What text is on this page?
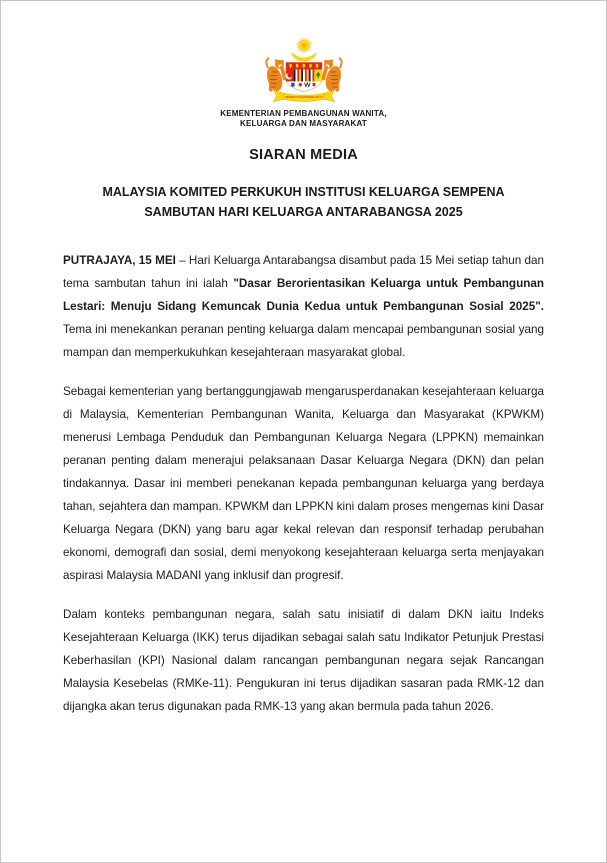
BERSEKUTU BERTAMBAH MUTU
KEMENTERIAN PEMBANGUNAN WANITA,
KELUARGA DAN MASYARAKAT
SIARAN MEDIA
MALAYSIA KOMITED PERKUKUH INSTITUSI KELUARGA SEMPENA
SAMBUTAN HARI KELUARGA ANTARABANGSA 2025

PUTRAJAYA, 15 MEI – Hari Keluarga Antarabangsa disambut pada 15 Mei setiap tahun dan tema sambutan tahun ini ialah "Dasar Berorientasikan Keluarga untuk Pembangunan Lestari: Menuju Sidang Kemuncak Dunia Kedua untuk Pembangunan Sosial 2025". Tema ini menekankan peranan penting keluarga dalam mencapai pembangunan sosial yang mampan dan memperkukuhkan kesejahteraan masyarakat global.

Sebagai kementerian yang bertanggungjawab mengarusperdanakan kesejahteraan keluarga di Malaysia, Kementerian Pembangunan Wanita, Keluarga dan Masyarakat (KPWKM) menerusi Lembaga Penduduk dan Pembangunan Keluarga Negara (LPPKN) memainkan peranan penting dalam menerajui pelaksanaan Dasar Keluarga Negara (DKN) dan pelan tindakannya. Dasar ini memberi penekanan kepada pembangunan keluarga yang berdaya tahan, sejahtera dan mampan. KPWKM dan LPPKN kini dalam proses mengemas kini Dasar Keluarga Negara (DKN) yang baru agar kekal relevan dan responsif terhadap perubahan ekonomi, demografi dan sosial, demi menyokong kesejahteraan keluarga serta menjayakan aspirasi Malaysia MADANI yang inklusif dan progresif.

Dalam konteks pembangunan negara, salah satu inisiatif di dalam DKN iaitu Indeks Kesejahteraan Keluarga (IKK) terus dijadikan sebagai salah satu Indikator Petunjuk Prestasi Keberhasilan (KPI) Nasional dalam rancangan pembangunan negara sejak Rancangan Malaysia Kesebelas (RMKe-11). Pengukuran ini terus dijadikan sasaran pada RMK-12 dan dijangka akan terus digunakan pada RMK-13 yang akan bermula pada tahun 2026.
